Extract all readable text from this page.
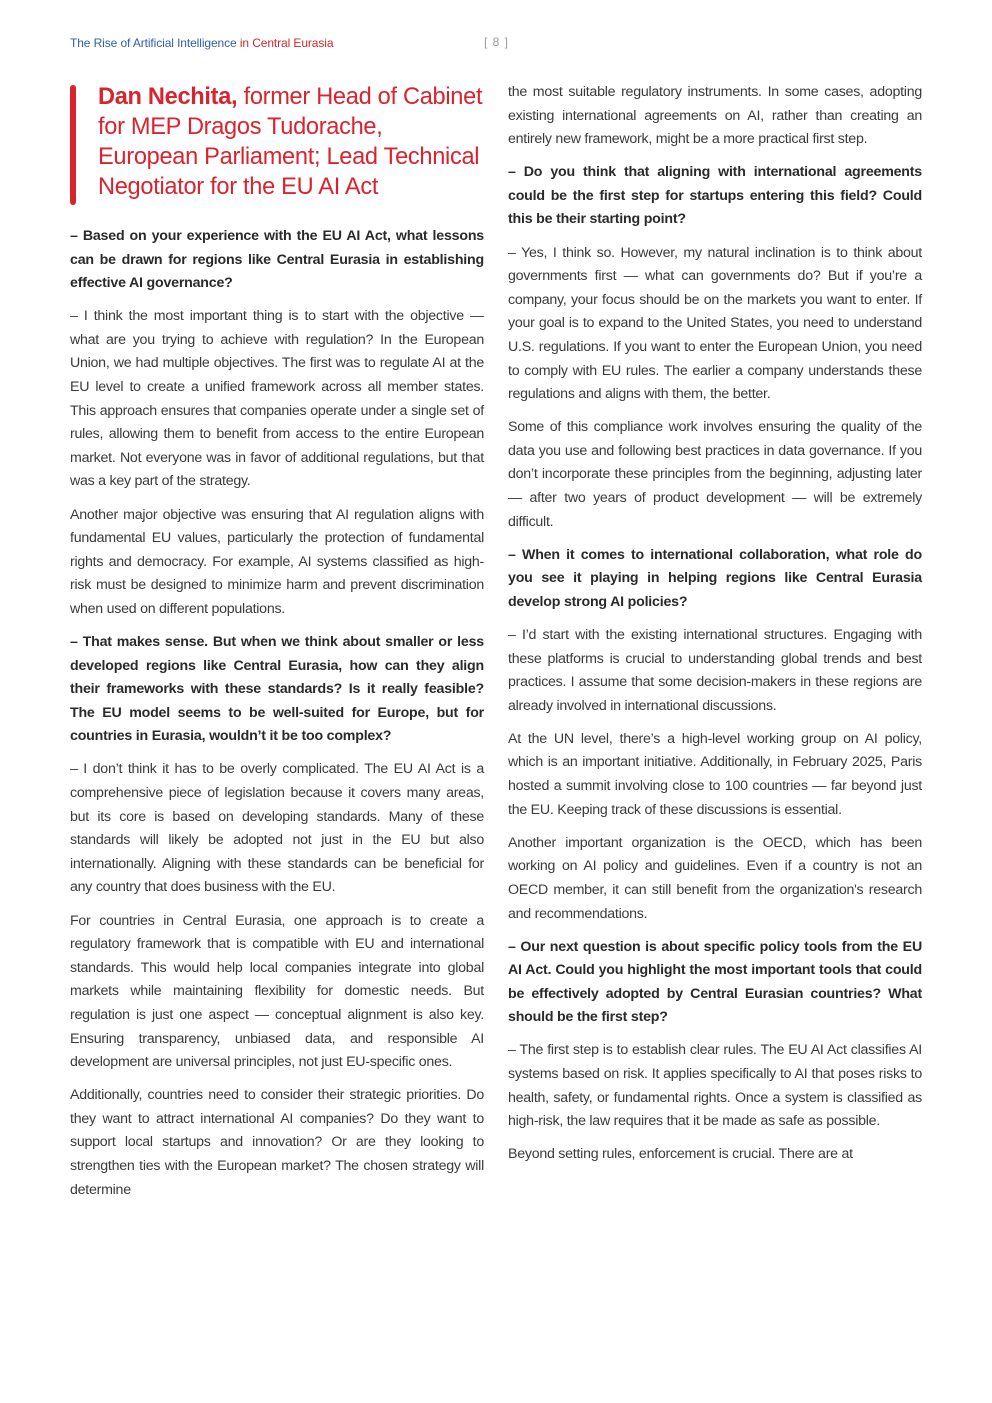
The Rise of Artificial Intelligence in Central Eurasia	[ 8 ]
Dan Nechita, former Head of Cabinet for MEP Dragos Tudorache, European Parliament; Lead Technical Negotiator for the EU AI Act

– Based on your experience with the EU AI Act, what lessons can be drawn for regions like Central Eurasia in establishing effective AI governance?

– I think the most important thing is to start with the objective — what are you trying to achieve with regulation? In the European Union, we had multiple objectives. The first was to regulate AI at the EU level to create a unified framework across all member states. This approach ensures that companies operate under a single set of rules, allowing them to benefit from access to the entire European market. Not everyone was in favor of additional regulations, but that was a key part of the strategy.

Another major objective was ensuring that AI regulation aligns with fundamental EU values, particularly the protection of fundamental rights and democracy. For example, AI systems classified as high-risk must be designed to minimize harm and prevent discrimination when used on different populations.

– That makes sense. But when we think about smaller or less developed regions like Central Eurasia, how can they align their frameworks with these standards? Is it really feasible? The EU model seems to be well-suited for Europe, but for countries in Eurasia, wouldn’t it be too complex?

– I don’t think it has to be overly complicated. The EU AI Act is a comprehensive piece of legislation because it covers many areas, but its core is based on developing standards. Many of these standards will likely be adopted not just in the EU but also internationally. Aligning with these standards can be beneficial for any country that does business with the EU.

For countries in Central Eurasia, one approach is to create a regulatory framework that is compatible with EU and international standards. This would help local companies integrate into global markets while maintaining flexibility for domestic needs. But regulation is just one aspect — conceptual alignment is also key. Ensuring transparency, unbiased data, and responsible AI development are universal principles, not just EU-specific ones.

Additionally, countries need to consider their strategic priorities. Do they want to attract international AI companies? Do they want to support local startups and innovation? Or are they looking to strengthen ties with the European market? The chosen strategy will determine

the most suitable regulatory instruments. In some cases, adopting existing international agreements on AI, rather than creating an entirely new framework, might be a more practical first step.

– Do you think that aligning with international agreements could be the first step for startups entering this field? Could this be their starting point?

– Yes, I think so. However, my natural inclination is to think about governments first — what can governments do? But if you’re a company, your focus should be on the markets you want to enter. If your goal is to expand to the United States, you need to understand U.S. regulations. If you want to enter the European Union, you need to comply with EU rules. The earlier a company understands these regulations and aligns with them, the better.

Some of this compliance work involves ensuring the quality of the data you use and following best practices in data governance. If you don’t incorporate these principles from the beginning, adjusting later — after two years of product development — will be extremely difficult.

– When it comes to international collaboration, what role do you see it playing in helping regions like Central Eurasia develop strong AI policies?

– I’d start with the existing international structures. Engaging with these platforms is crucial to understanding global trends and best practices. I assume that some decision-makers in these regions are already involved in international discussions.

At the UN level, there’s a high-level working group on AI policy, which is an important initiative. Additionally, in February 2025, Paris hosted a summit involving close to 100 countries — far beyond just the EU. Keeping track of these discussions is essential.

Another important organization is the OECD, which has been working on AI policy and guidelines. Even if a country is not an OECD member, it can still benefit from the organization's research and recommendations.

– Our next question is about specific policy tools from the EU AI Act. Could you highlight the most important tools that could be effectively adopted by Central Eurasian countries? What should be the first step?

– The first step is to establish clear rules. The EU AI Act classifies AI systems based on risk. It applies specifically to AI that poses risks to health, safety, or fundamental rights. Once a system is classified as high-risk, the law requires that it be made as safe as possible.

Beyond setting rules, enforcement is crucial. There are at
